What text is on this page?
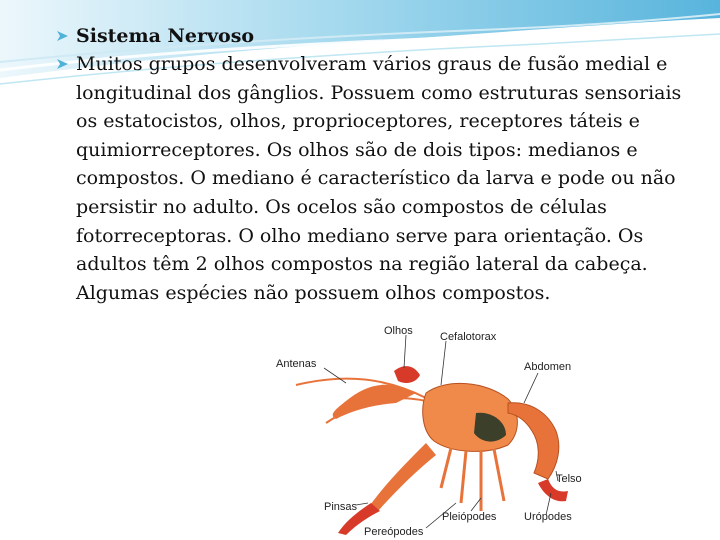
Sistema Nervoso
Muitos grupos desenvolveram vários graus de fusão medial e longitudinal dos gânglios. Possuem como estruturas sensoriais os estatocistos, olhos, proprioceptores, receptores táteis e quimiorreceptores. Os olhos são de dois tipos: medianos e compostos. O mediano é característico da larva e pode ou não persistir no adulto. Os ocelos são compostos de células fotorreceptoras. O olho mediano serve para orientação. Os adultos têm 2 olhos compostos na região lateral da cabeça. Algumas espécies não possuem olhos compostos.
Olhos Cefalotorax
Antenas	Abdomen
Telso
Pinsas
Pleiópodes	Urópodes
Pereópodes
